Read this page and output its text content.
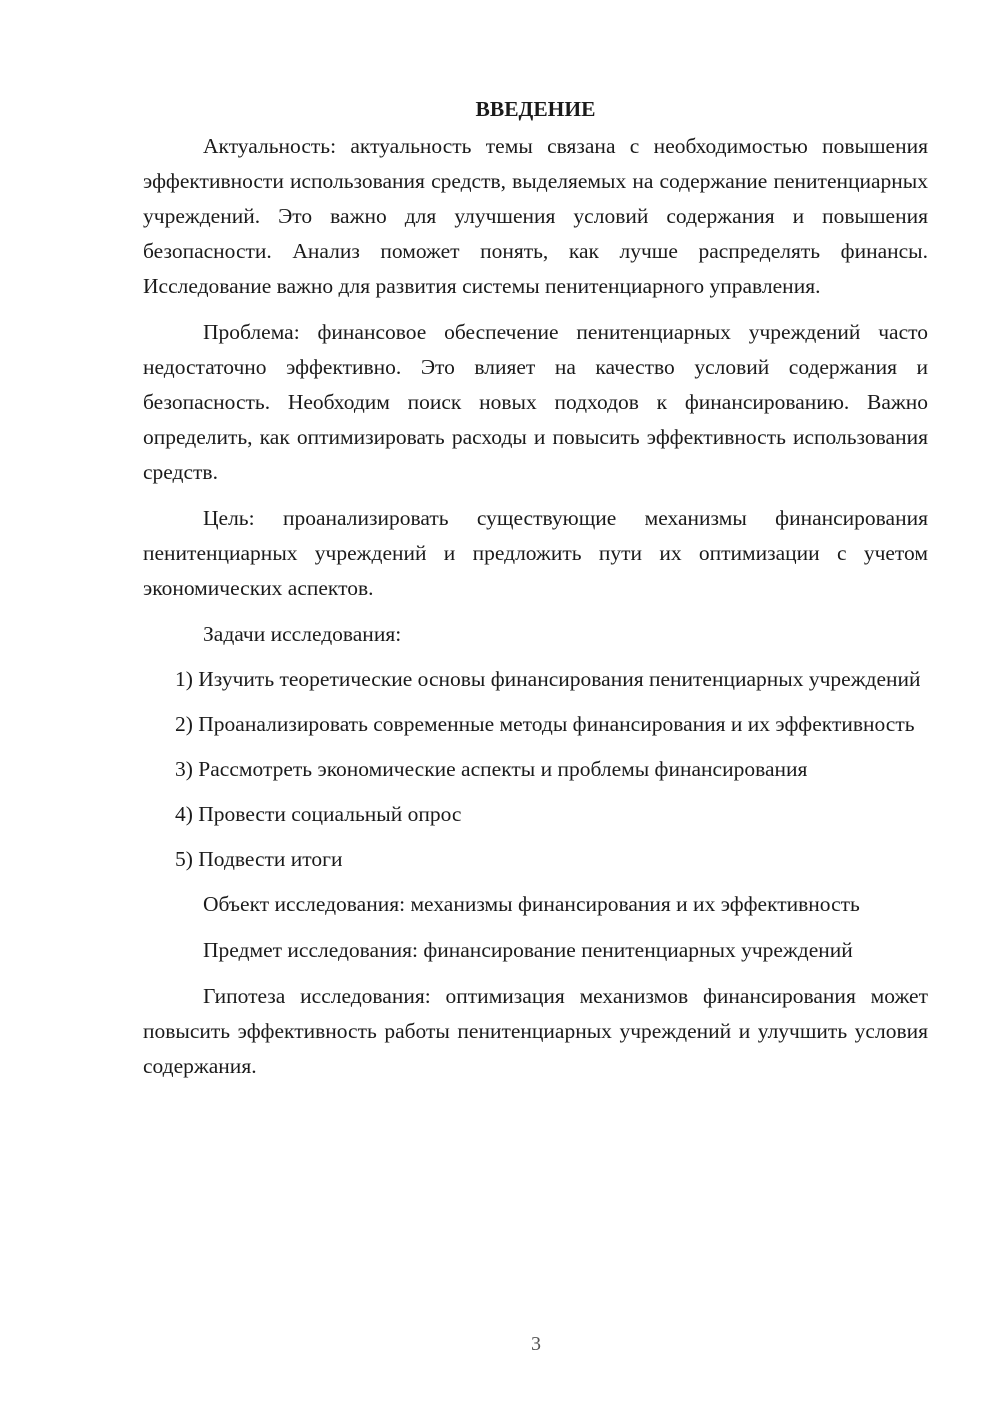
ВВЕДЕНИЕ

Актуальность: актуальность темы связана с необходимостью повышения эффективности использования средств, выделяемых на содержание пенитенциарных учреждений. Это важно для улучшения условий содержания и повышения безопасности. Анализ поможет понять, как лучше распределять финансы. Исследование важно для развития системы пенитенциарного управления.

Проблема: финансовое обеспечение пенитенциарных учреждений часто недостаточно эффективно. Это влияет на качество условий содержания и безопасность. Необходим поиск новых подходов к финансированию. Важно определить, как оптимизировать расходы и повысить эффективность использования средств.

Цель: проанализировать существующие механизмы финансирования пенитенциарных учреждений и предложить пути их оптимизации с учетом экономических аспектов.

Задачи исследования:

1) Изучить теоретические основы финансирования пенитенциарных учреждений

2) Проанализировать современные методы финансирования и их эффективность

3) Рассмотреть экономические аспекты и проблемы финансирования

4) Провести социальный опрос

5) Подвести итоги

Объект исследования: механизмы финансирования и их эффективность

Предмет исследования: финансирование пенитенциарных учреждений

Гипотеза исследования: оптимизация механизмов финансирования может повысить эффективность работы пенитенциарных учреждений и улучшить условия содержания.

3
